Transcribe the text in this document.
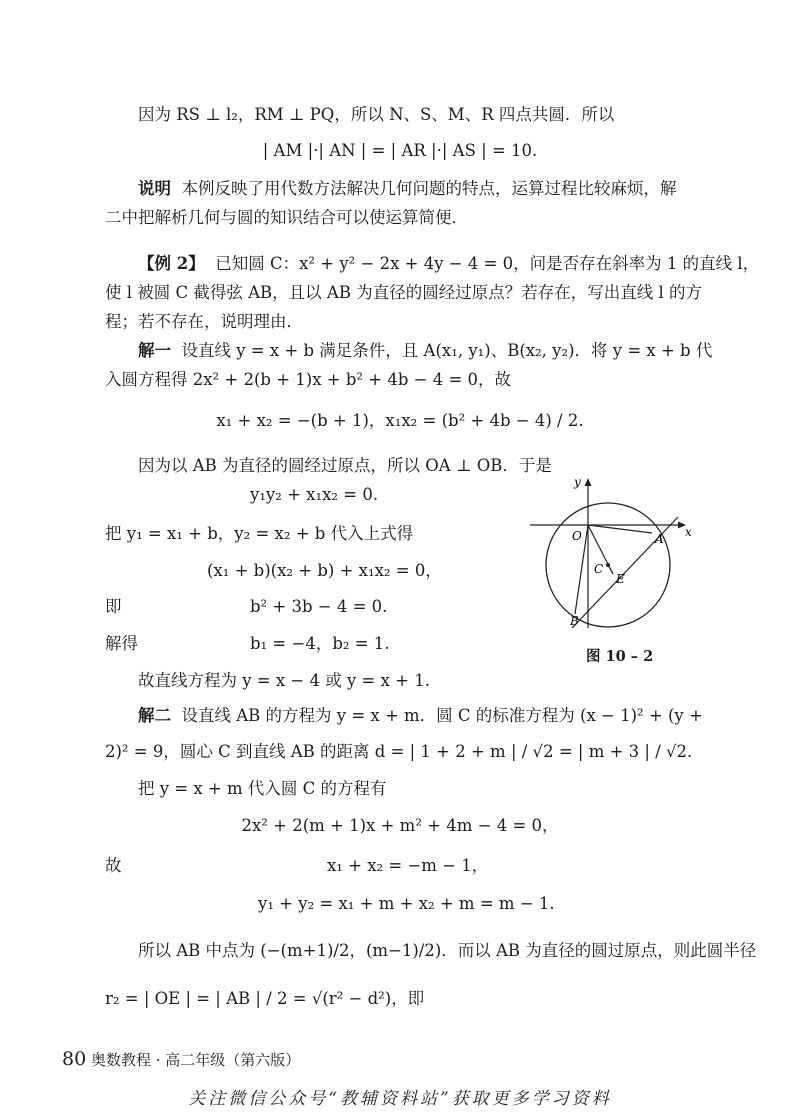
因为 RS ⊥ l₂，RM ⊥ PQ，所以 N、S、M、R 四点共圆．所以
| AM |·| AN | = | AR |·| AS | = 10.
说明 本例反映了用代数方法解决几何问题的特点，运算过程比较麻烦，解
二中把解析几何与圆的知识结合可以使运算简便．
【例 2】 已知圆 C：x² + y² − 2x + 4y − 4 = 0，问是否存在斜率为 1 的直线 l，
使 l 被圆 C 截得弦 AB，且以 AB 为直径的圆经过原点？若存在，写出直线 l 的方
程；若不存在，说明理由．
解一 设直线 y = x + b 满足条件，且 A(x₁, y₁)、B(x₂, y₂)．将 y = x + b 代
入圆方程得 2x² + 2(b + 1)x + b² + 4b − 4 = 0，故
x₁ + x₂ = −(b + 1)，x₁x₂ = (b² + 4b − 4) / 2.
因为以 AB 为直径的圆经过原点，所以 OA ⊥ OB．于是
y₁y₂ + x₁x₂ = 0.
把 y₁ = x₁ + b，y₂ = x₂ + b 代入上式得
(x₁ + b)(x₂ + b) + x₁x₂ = 0，
即	b² + 3b − 4 = 0.
解得	b₁ = −4，b₂ = 1.
故直线方程为 y = x − 4 或 y = x + 1.
解二 设直线 AB 的方程为 y = x + m．圆 C 的标准方程为 (x − 1)² + (y +
2)² = 9，圆心 C 到直线 AB 的距离 d = | 1 + 2 + m | / √2 = | m + 3 | / √2．
把 y = x + m 代入圆 C 的方程有
2x² + 2(m + 1)x + m² + 4m − 4 = 0，
故	x₁ + x₂ = −m − 1，
y₁ + y₂ = x₁ + m + x₂ + m = m − 1.
所以 AB 中点为 (−(m+1)/2，(m−1)/2)．而以 AB 为直径的圆过原点，则此圆半径
r₂ = | OE | = | AB | / 2 = √(r² − d²)，即
y
x
O	A
B
C
E
图 10 – 2
80 奥数教程 · 高二年级（第六版）
关注微信公众号“教辅资料站”获取更多学习资料
